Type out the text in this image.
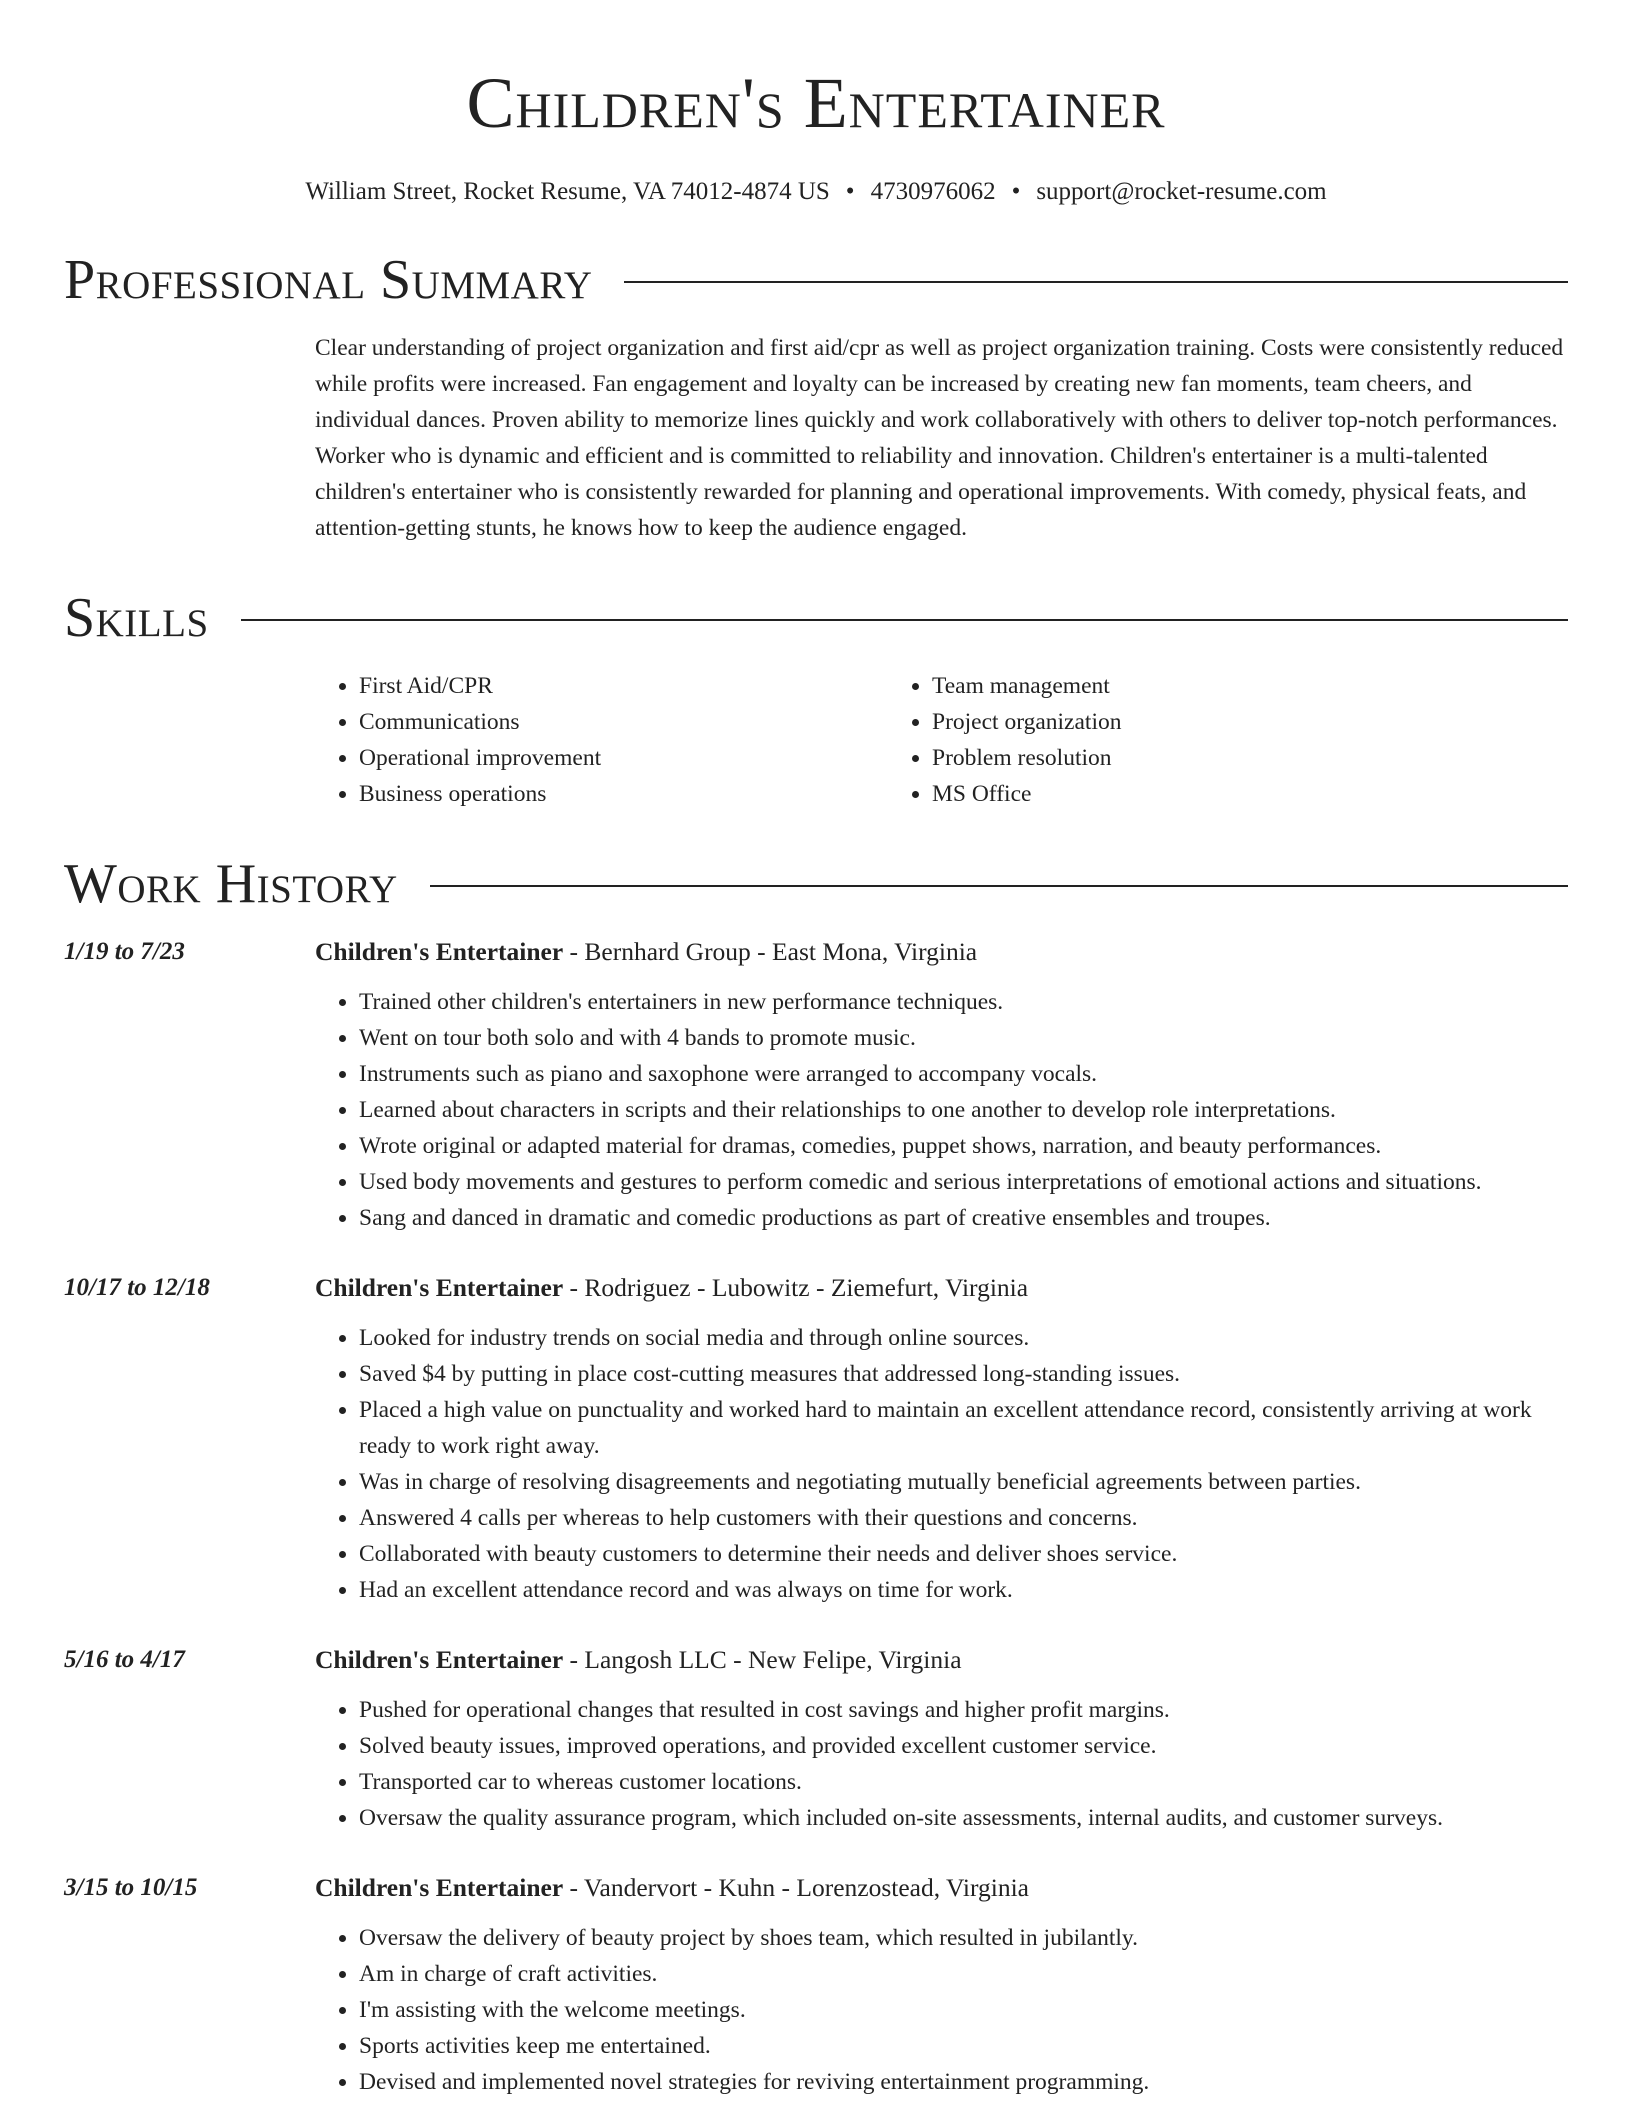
Children's Entertainer
William Street, Rocket Resume, VA 74012-4874 US • 4730976062 • support@rocket-resume.com
Professional Summary
Clear understanding of project organization and first aid/cpr as well as project organization training. Costs were consistently reduced while profits were increased. Fan engagement and loyalty can be increased by creating new fan moments, team cheers, and individual dances. Proven ability to memorize lines quickly and work collaboratively with others to deliver top-notch performances. Worker who is dynamic and efficient and is committed to reliability and innovation. Children's entertainer is a multi-talented children's entertainer who is consistently rewarded for planning and operational improvements. With comedy, physical feats, and attention-getting stunts, he knows how to keep the audience engaged.
Skills
• First Aid/CPR
• Communications
• Operational improvement
• Business operations
• Team management
• Project organization
• Problem resolution
• MS Office
Work History
1/19 to 7/23	Children's Entertainer - Bernhard Group - East Mona, Virginia
• Trained other children's entertainers in new performance techniques.
• Went on tour both solo and with 4 bands to promote music.
• Instruments such as piano and saxophone were arranged to accompany vocals.
• Learned about characters in scripts and their relationships to one another to develop role interpretations.
• Wrote original or adapted material for dramas, comedies, puppet shows, narration, and beauty performances.
• Used body movements and gestures to perform comedic and serious interpretations of emotional actions and situations.
• Sang and danced in dramatic and comedic productions as part of creative ensembles and troupes.
10/17 to 12/18	Children's Entertainer - Rodriguez - Lubowitz - Ziemefurt, Virginia
• Looked for industry trends on social media and through online sources.
• Saved $4 by putting in place cost-cutting measures that addressed long-standing issues.
• Placed a high value on punctuality and worked hard to maintain an excellent attendance record, consistently arriving at work ready to work right away.
• Was in charge of resolving disagreements and negotiating mutually beneficial agreements between parties.
• Answered 4 calls per whereas to help customers with their questions and concerns.
• Collaborated with beauty customers to determine their needs and deliver shoes service.
• Had an excellent attendance record and was always on time for work.
5/16 to 4/17	Children's Entertainer - Langosh LLC - New Felipe, Virginia
• Pushed for operational changes that resulted in cost savings and higher profit margins.
• Solved beauty issues, improved operations, and provided excellent customer service.
• Transported car to whereas customer locations.
• Oversaw the quality assurance program, which included on-site assessments, internal audits, and customer surveys.
3/15 to 10/15	Children's Entertainer - Vandervort - Kuhn - Lorenzostead, Virginia
• Oversaw the delivery of beauty project by shoes team, which resulted in jubilantly.
• Am in charge of craft activities.
• I'm assisting with the welcome meetings.
• Sports activities keep me entertained.
• Devised and implemented novel strategies for reviving entertainment programming.
